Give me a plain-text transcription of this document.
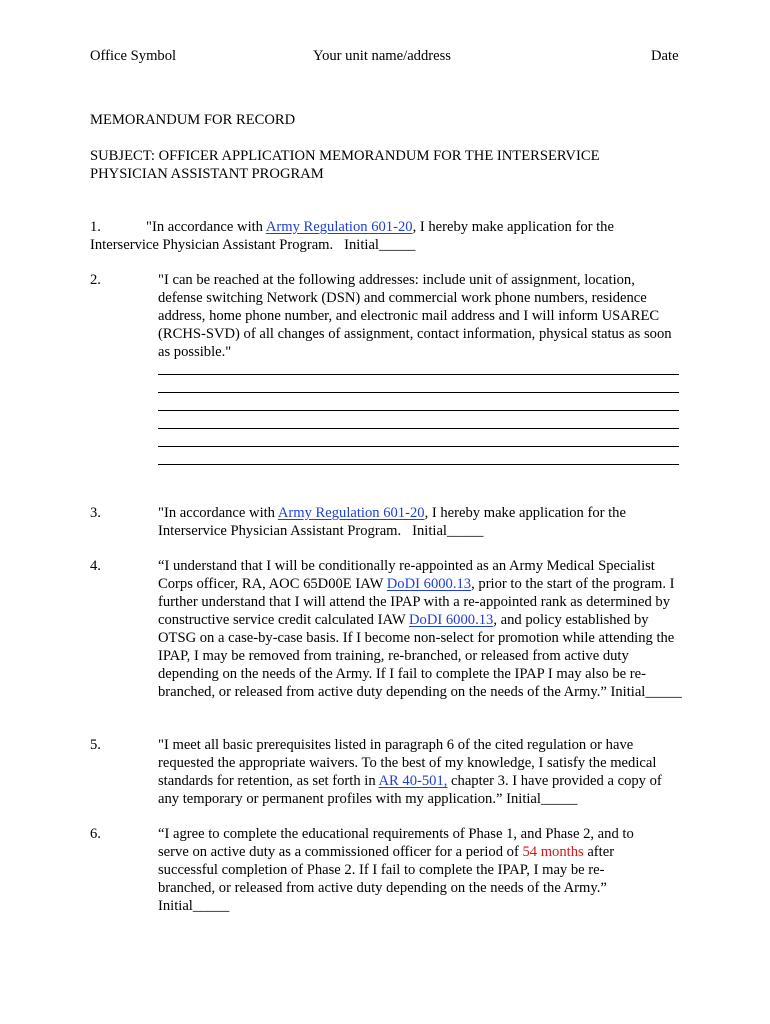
Office Symbol	Your unit name/address	Date
MEMORANDUM FOR RECORD
SUBJECT: OFFICER APPLICATION MEMORANDUM FOR THE INTERSERVICE
PHYSICIAN ASSISTANT PROGRAM
1.	"In accordance with Army Regulation 601-20, I hereby make application for the
Interservice Physician Assistant Program.   Initial_____
2.	"I can be reached at the following addresses: include unit of assignment, location, defense switching Network (DSN) and commercial work phone numbers, residence address, home phone number, and electronic mail address and I will inform USAREC (RCHS-SVD) of all changes of assignment, contact information, physical status as soon as possible."
3.	"In accordance with Army Regulation 601-20, I hereby make application for the Interservice Physician Assistant Program.   Initial_____
4.	“I understand that I will be conditionally re-appointed as an Army Medical Specialist Corps officer, RA, AOC 65D00E IAW DoDI 6000.13, prior to the start of the program. I further understand that I will attend the IPAP with a re-appointed rank as determined by constructive service credit calculated IAW DoDI 6000.13, and policy established by OTSG on a case-by-case basis. If I become non-select for promotion while attending the IPAP, I may be removed from training, re-branched, or released from active duty depending on the needs of the Army. If I fail to complete the IPAP I may also be re-branched, or released from active duty depending on the needs of the Army.” Initial_____
5.	"I meet all basic prerequisites listed in paragraph 6 of the cited regulation or have requested the appropriate waivers. To the best of my knowledge, I satisfy the medical standards for retention, as set forth in AR 40-501, chapter 3. I have provided a copy of any temporary or permanent profiles with my application.” Initial_____
6.	“I agree to complete the educational requirements of Phase 1, and Phase 2, and to serve on active duty as a commissioned officer for a period of 54 months after successful completion of Phase 2. If I fail to complete the IPAP, I may be re-branched, or released from active duty depending on the needs of the Army.”
Initial_____
